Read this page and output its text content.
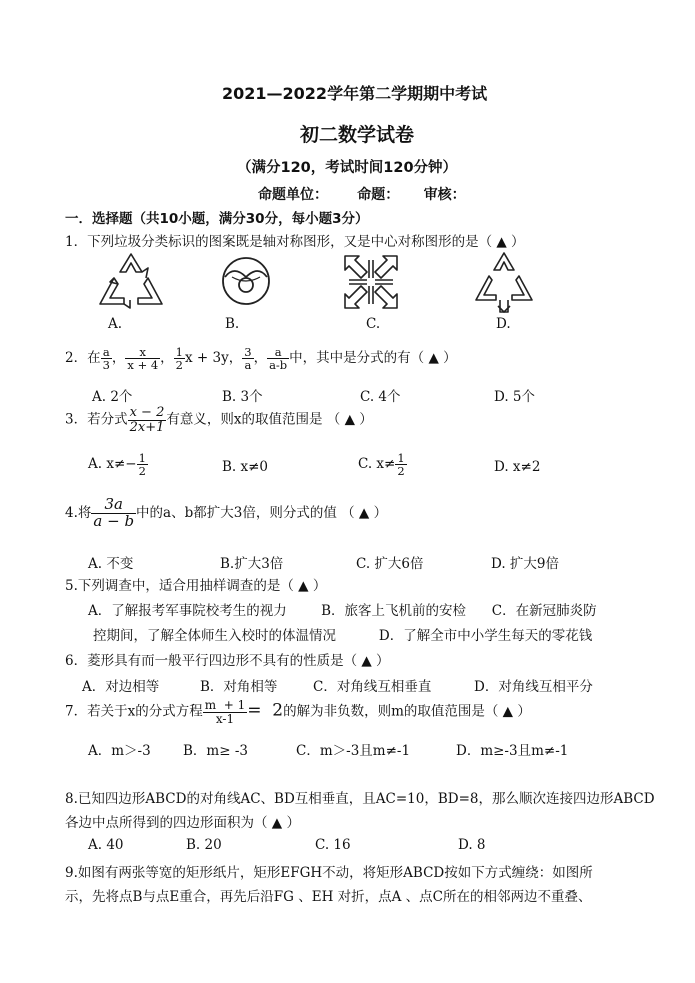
2021—2022学年第二学期期中考试
初二数学试卷
（满分120，考试时间120分钟）
命题单位：      命题：     审核：
一．选择题（共10小题，满分30分，每小题3分）
1．下列垃圾分类标识的图案既是轴对称图形，又是中心对称图形的是（ ▲ ）
A.	B.	C.	D.
2．在 $\frac{a}{3}$ ， $\frac{x}{x + 4}$ ， $\frac{1}{2}$ x + 3y， $\frac{3}{a}$ ， $\frac{a}{a-b}$ 中，其中是分式的有（ ▲ ）
A. 2个	B. 3个	C. 4个	D. 5个
3．若分式 $\frac{x - 2}{2x+1}$ 有意义，则x的取值范围是 （ ▲ ）
A. $x\ne- \frac{1}{2}$	B. x≠0	C. $x\ne \frac{1}{2}$	D. x≠2
4.将 $\frac{3a}{a - b}$ 中的a、b都扩大3倍，则分式的值 （ ▲ ）
A. 不变	B.扩大3倍	C. 扩大6倍	D. 扩大9倍
5.下列调查中，适合用抽样调查的是（ ▲ ）
A．了解报考军事院校考生的视力        B．旅客上飞机前的安检      C．在新冠肺炎防
控期间，了解全体师生入校时的体温情况          D．了解全市中小学生每天的零花钱
6．菱形具有而一般平行四边形不具有的性质是（ ▲ ）
A．对边相等	B．对角相等	C．对角线互相垂直	D．对角线互相平分
7．若关于x的分式方程 $\frac{m + 1}{x-1} = 2$的解为非负数，则m的取值范围是（ ▲ ）
A．m＞-3 B．m≥ -3	C．m＞-3且m≠-1	D．m≥-3且m≠-1
8.已知四边形ABCD的对角线AC、BD互相垂直，且AC=10，BD=8，那么顺次连接四边形ABCD
各边中点所得到的四边形面积为（ ▲ ）
A. 40	B. 20	C. 16	D. 8
9.如图有两张等宽的矩形纸片，矩形EFGH不动，将矩形ABCD按如下方式缠绕：如图所
示，先将点B与点E重合，再先后沿FG 、EH 对折，点A 、点C所在的相邻两边不重叠、
